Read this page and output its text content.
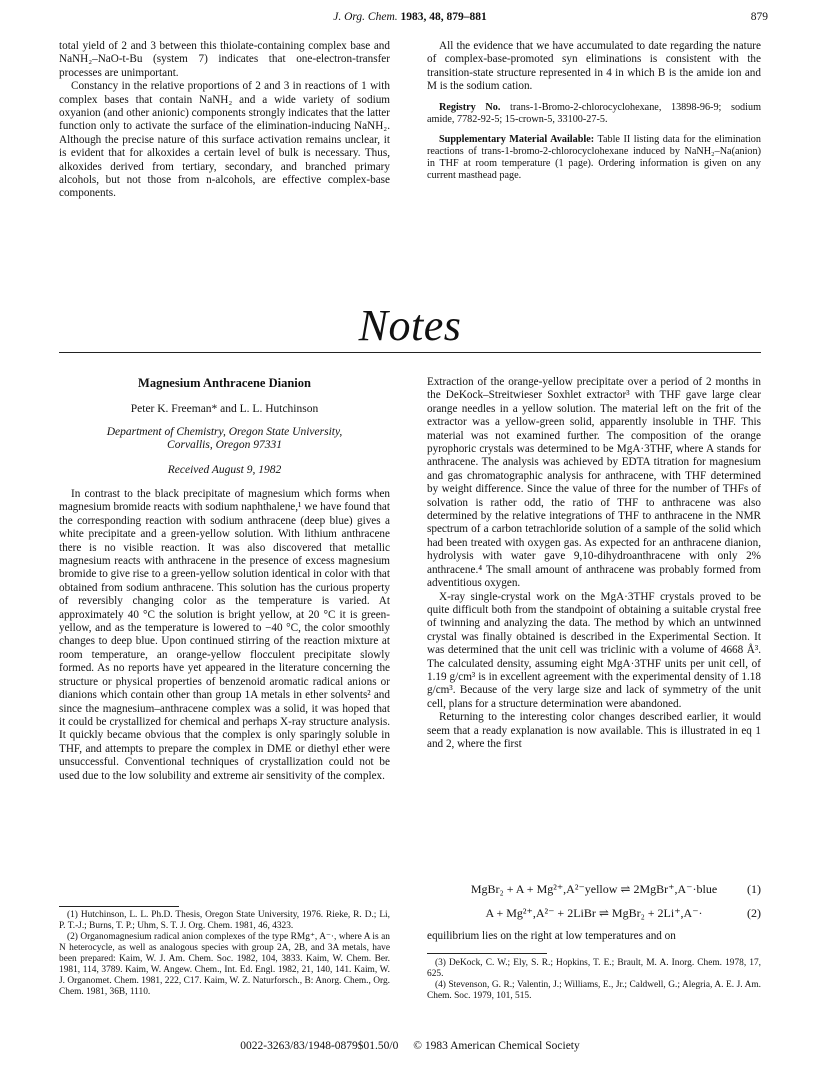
J. Org. Chem. 1983, 48, 879–881	879

total yield of 2 and 3 between this thiolate-containing complex base and NaNH₂–NaO-t-Bu (system 7) indicates that one-electron-transfer processes are unimportant.

Constancy in the relative proportions of 2 and 3 in reactions of 1 with complex bases that contain NaNH₂ and a wide variety of sodium oxyanion (and other anionic) components strongly indicates that the latter function only to activate the surface of the elimination-inducing NaNH₂. Although the precise nature of this surface activation remains unclear, it is evident that for alkoxides a certain level of bulk is necessary. Thus, alkoxides derived from tertiary, secondary, and branched primary alcohols, but not those from n-alcohols, are effective complex-base components.

All the evidence that we have accumulated to date regarding the nature of complex-base-promoted syn eliminations is consistent with the transition-state structure represented in 4 in which B is the amide ion and M is the sodium cation.

Registry No. trans-1-Bromo-2-chlorocyclohexane, 13898-96-9; sodium amide, 7782-92-5; 15-crown-5, 33100-27-5.

Supplementary Material Available: Table II listing data for the elimination reactions of trans-1-bromo-2-chlorocyclohexane induced by NaNH₂–Na(anion) in THF at room temperature (1 page). Ordering information is given on any current masthead page.

Notes
Magnesium Anthracene Dianion
Peter K. Freeman* and L. L. Hutchinson
Department of Chemistry, Oregon State University,
Corvallis, Oregon 97331
Received August 9, 1982

In contrast to the black precipitate of magnesium which forms when magnesium bromide reacts with sodium naphthalene,¹ we have found that the corresponding reaction with sodium anthracene (deep blue) gives a white precipitate and a green-yellow solution. With lithium anthracene there is no visible reaction. It was also discovered that metallic magnesium reacts with anthracene in the presence of excess magnesium bromide to give rise to a green-yellow solution identical in color with that obtained from sodium anthracene. This solution has the curious property of reversibly changing color as the temperature is varied. At approximately 40 °C the solution is bright yellow, at 20 °C it is green-yellow, and as the temperature is lowered to −40 °C, the color smoothly changes to deep blue. Upon continued stirring of the reaction mixture at room temperature, an orange-yellow flocculent precipitate slowly formed. As no reports have yet appeared in the literature concerning the structure or physical properties of benzenoid aromatic radical anions or dianions which contain other than group 1A metals in ether solvents² and since the magnesium–anthracene complex was a solid, it was hoped that it could be crystallized for chemical and perhaps X-ray structure analysis. It quickly became obvious that the complex is only sparingly soluble in THF, and attempts to prepare the complex in DME or diethyl ether were unsuccessful. Conventional techniques of crystallization could not be used due to the low solubility and extreme air sensitivity of the complex.

Extraction of the orange-yellow precipitate over a period of 2 months in the DeKock–Streitwieser Soxhlet extractor³ with THF gave large clear orange needles in a yellow solution. The material left on the frit of the extractor was a yellow-green solid, apparently insoluble in THF. This material was not examined further. The composition of the orange pyrophoric crystals was determined to be MgA·3THF, where A stands for anthracene. The analysis was achieved by EDTA titration for magnesium and gas chromatographic analysis for anthracene, with THF determined by weight difference. Since the value of three for the number of THFs of solvation is rather odd, the ratio of THF to anthracene was also determined by the relative integrations of THF to anthracene in the NMR spectrum of a carbon tetrachloride solution of a sample of the solid which had been treated with oxygen gas. As expected for an anthracene dianion, hydrolysis with water gave 9,10-dihydroanthracene with only 2% anthracene.⁴ The small amount of anthracene was probably formed from adventitious oxygen.

X-ray single-crystal work on the MgA·3THF crystals proved to be quite difficult both from the standpoint of obtaining a suitable crystal free of twinning and analyzing the data. The method by which an untwinned crystal was finally obtained is described in the Experimental Section. It was determined that the unit cell was triclinic with a volume of 4668 Å³. The calculated density, assuming eight MgA·3THF units per unit cell, of 1.19 g/cm³ is in excellent agreement with the experimental density of 1.18 g/cm³. Because of the very large size and lack of symmetry of the unit cell, plans for a structure determination were abandoned.

Returning to the interesting color changes described earlier, it would seem that a ready explanation is now available. This is illustrated in eq 1 and 2, where the first

MgBr₂ + A + Mg²⁺,A²⁻yellow ⇌ 2MgBr⁺,A⁻·blue (1)
A + Mg²⁺,A²⁻ + 2LiBr ⇌ MgBr₂ + 2Li⁺,A⁻·	(2)

equilibrium lies on the right at low temperatures and on

(1) Hutchinson, L. L. Ph.D. Thesis, Oregon State University, 1976. Rieke, R. D.; Li, P. T.-J.; Burns, T. P.; Uhm, S. T. J. Org. Chem. 1981, 46, 4323.

(2) Organomagnesium radical anion complexes of the type RMg⁺, A⁻·, where A is an N heterocycle, as well as analogous species with group 2A, 2B, and 3A metals, have been prepared: Kaim, W. J. Am. Chem. Soc. 1982, 104, 3833. Kaim, W. Chem. Ber. 1981, 114, 3789. Kaim, W. Angew. Chem., Int. Ed. Engl. 1982, 21, 140, 141. Kaim, W. J. Organomet. Chem. 1981, 222, C17. Kaim, W. Z. Naturforsch., B: Anorg. Chem., Org. Chem. 1981, 36B, 1110.

(3) DeKock, C. W.; Ely, S. R.; Hopkins, T. E.; Brault, M. A. Inorg. Chem. 1978, 17, 625.

(4) Stevenson, G. R.; Valentin, J.; Williams, E., Jr.; Caldwell, G.; Alegria, A. E. J. Am. Chem. Soc. 1979, 101, 515.

0022-3263/83/1948-0879$01.50/0 © 1983 American Chemical Society
